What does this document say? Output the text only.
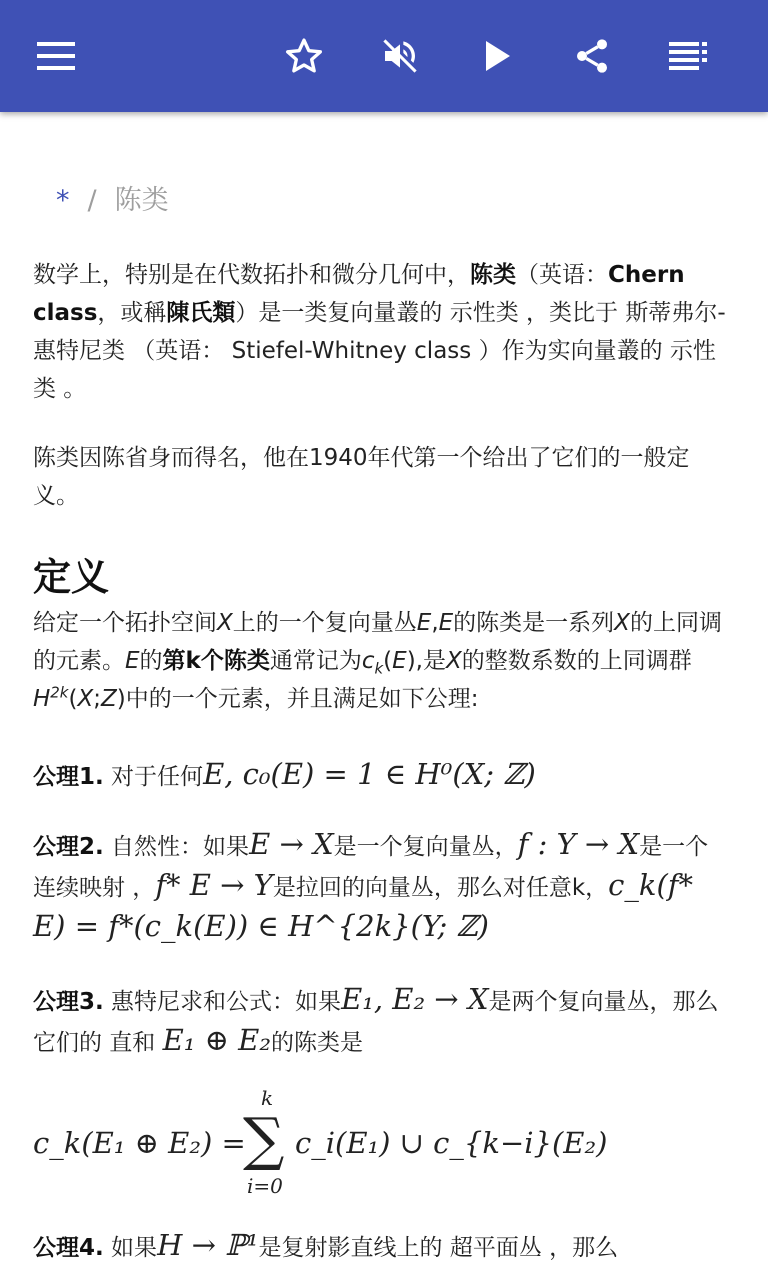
* / 陈类

数学上，特别是在代数拓扑和微分几何中，陈类（英语：Chern class，或稱陳氏類）是一类复向量叢的 示性类 ，类比于 斯蒂弗尔-惠特尼类 （英语： Stiefel-Whitney class ）作为实向量叢的 示性类 。

陈类因陈省身而得名，他在1940年代第一个给出了它们的一般定义。

定义

给定一个拓扑空间X上的一个复向量丛E,E的陈类是一系列X的上同调 的元素。E的第k个陈类通常记为$c_k(E)$,是X的整数系数的上同调群$H^{2k}(X;Z)$中的一个元素，并且满足如下公理:

公理1. 对于任何E, c₀(E) = 1 ∈ H⁰(X; ℤ)

公理2. 自然性：如果E → X是一个复向量丛，f : Y → X是一个 连续映射 ，f* E → Y是拉回的向量丛，那么对任意k，c_k(f* E) = f*(c_k(E)) ∈ H^{2k}(Y; ℤ)

公理3. 惠特尼求和公式：如果E₁, E₂ → X是两个复向量丛，那么它们的 直和 E₁ ⊕ E₂的陈类是

c_k(E₁ ⊕ E₂) =
k
∑
i=0
c_i(E₁) ∪ c_{k−i}(E₂)

公理4. 如果H → ℙ¹是复射影直线上的 超平面丛 ，那么
